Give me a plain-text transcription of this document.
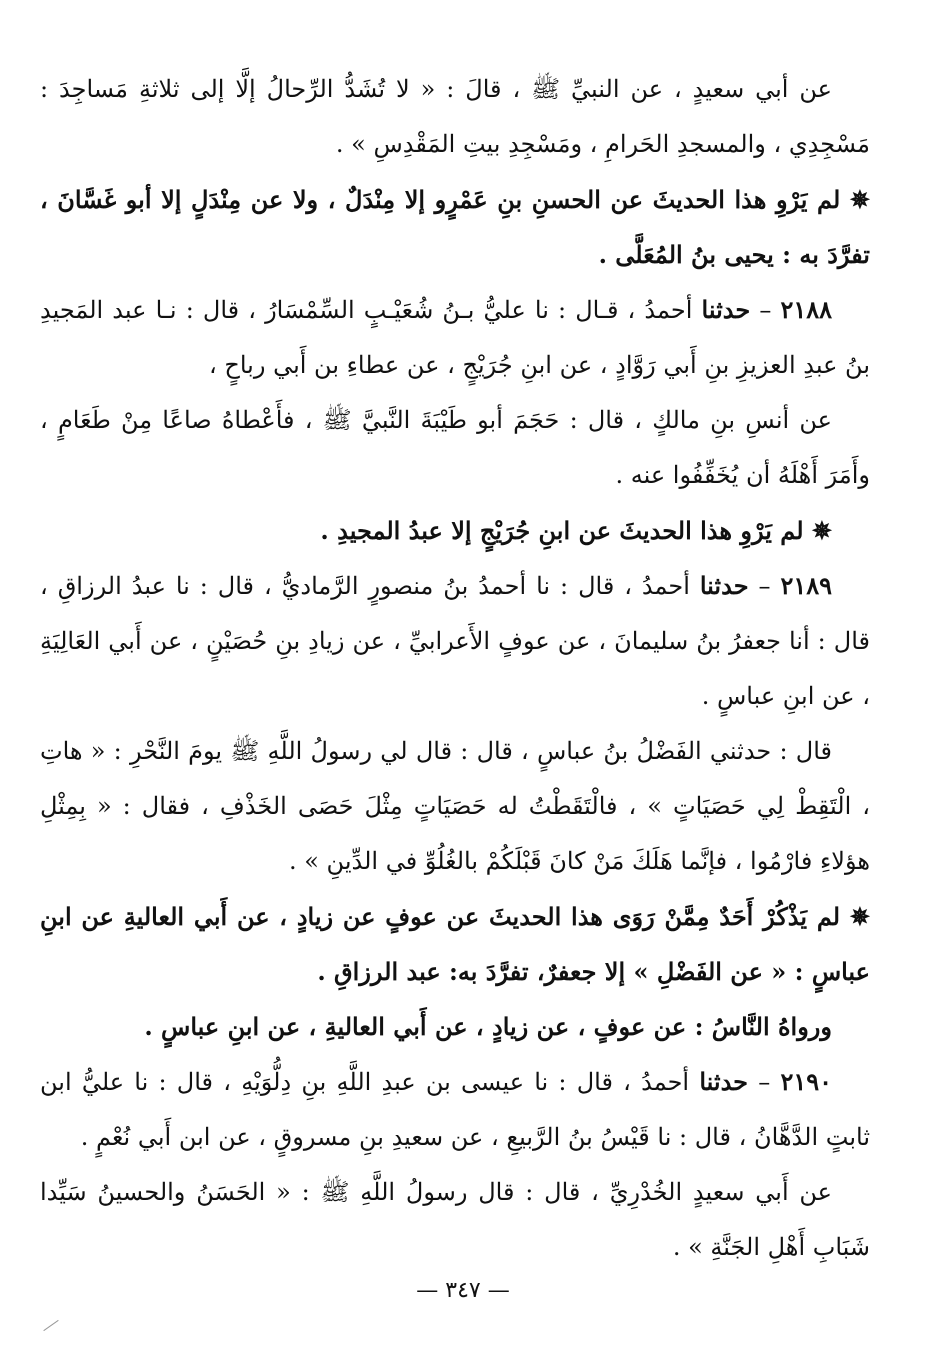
عن أبي سعيدٍ ، عن النبيِّ ﷺ ، قالَ : « لا تُشَدُّ الرِّحالُ إلَّا إلى ثلاثةِ مَساجِدَ : مَسْجِدِي ، والمسجدِ الحَرامِ ، ومَسْجِدِ بيتِ المَقْدِسِ » .

✵ لم يَرْوِ هذا الحديثَ عن الحسنِ بنِ عَمْرٍو إلا مِنْدَلٌ ، ولا عن مِنْدَلٍ إلا أبو غَسَّانَ ، تفرَّدَ به : يحيى بنُ المُعَلَّى .

٢١٨٨ – حدثنا أحمدُ ، قـال : نا عليُّ بـنُ شُعَيْـبٍ السِّمْسَارُ ، قال : نـا عبد المَجيدِ بنُ عبدِ العزيزِ بنِ أَبي رَوَّادٍ ، عن ابنِ جُرَيْجٍ ، عن عطاءِ بن أَبي رباحٍ ،

عن أنسِ بنِ مالكٍ ، قال : حَجَمَ أبو طَيْبَةَ النَّبيَّ ﷺ ، فأَعْطاهُ صاعًا مِنْ طَعَامٍ ، وأَمَرَ أَهْلَهُ أن يُخَفِّفُوا عنه .

✵ لم يَرْوِ هذا الحديثَ عن ابنِ جُرَيْجٍ إلا عبدُ المجيدِ .

٢١٨٩ – حدثنا أحمدُ ، قال : نا أحمدُ بنُ منصورٍ الرَّماديُّ ، قال : نا عبدُ الرزاقِ ، قال : أنا جعفرُ بنُ سليمانَ ، عن عوفٍ الأَعرابيِّ ، عن زيادِ بنِ حُصَيْنٍ ، عن أَبي العَالِيَةِ ، عن ابنِ عباسٍ .

قال : حدثني الفَضْلُ بنُ عباسٍ ، قال : قال لي رسولُ اللَّهِ ﷺ يومَ النَّحْرِ : « هاتِ ، الْتَقِطْ لِي حَصَيَاتٍ » ، فالْتَقَطْتُ له حَصَيَاتٍ مِثْلَ حَصَى الخَذْفِ ، فقال : « بِمِثْلِ هؤلاءِ فارْمُوا ، فإنَّما هَلَكَ مَنْ كانَ قَبْلَكُمْ بالغُلُوِّ في الدِّينِ » .

✵ لم يَذْكُرْ أَحَدٌ مِمَّنْ رَوَى هذا الحديثَ عن عوفٍ عن زيادٍ ، عن أَبي العاليةِ عن ابنِ عباسٍ : « عن الفَضْلِ » إلا جعفرٌ، تفرَّدَ به: عبد الرزاقِ .

ورواهُ النَّاسُ : عن عوفٍ ، عن زيادٍ ، عن أَبي العاليةِ ، عن ابنِ عباسٍ .

٢١٩٠ – حدثنا أحمدُ ، قال : نا عيسى بن عبدِ اللَّهِ بنِ دِلُّوَيْهِ ، قال : نا عليُّ ابن ثابتٍ الدَّهَّانُ ، قال : نا قَيْسُ بنُ الرَّبيعِ ، عن سعيدِ بنِ مسروقٍ ، عن ابن أَبي نُعْمٍ .

عن أَبي سعيدٍ الخُدْرِيِّ ، قال : قال رسولُ اللَّهِ ﷺ : « الحَسَنُ والحسينُ سَيِّدا شَبَابِ أَهْلِ الجَنَّةِ » .

— ٣٤٧ —
